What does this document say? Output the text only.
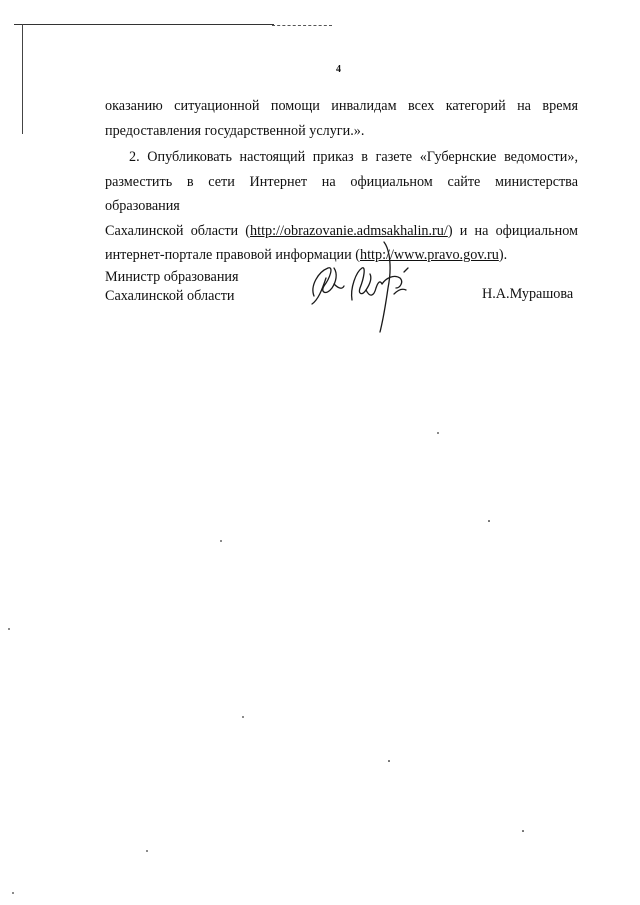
4
оказанию ситуационной помощи инвалидам всех категорий на время
предоставления государственной услуги.».
2. Опубликовать настоящий приказ в газете «Губернские ведомости»,
разместить в сети Интернет на официальном сайте министерства образования
Сахалинской области (http://obrazovanie.admsakhalin.ru/) и на официальном
интернет-портале правовой информации (http://www.pravo.gov.ru).
Министр образования
Сахалинской области	Н.А.Мурашова
